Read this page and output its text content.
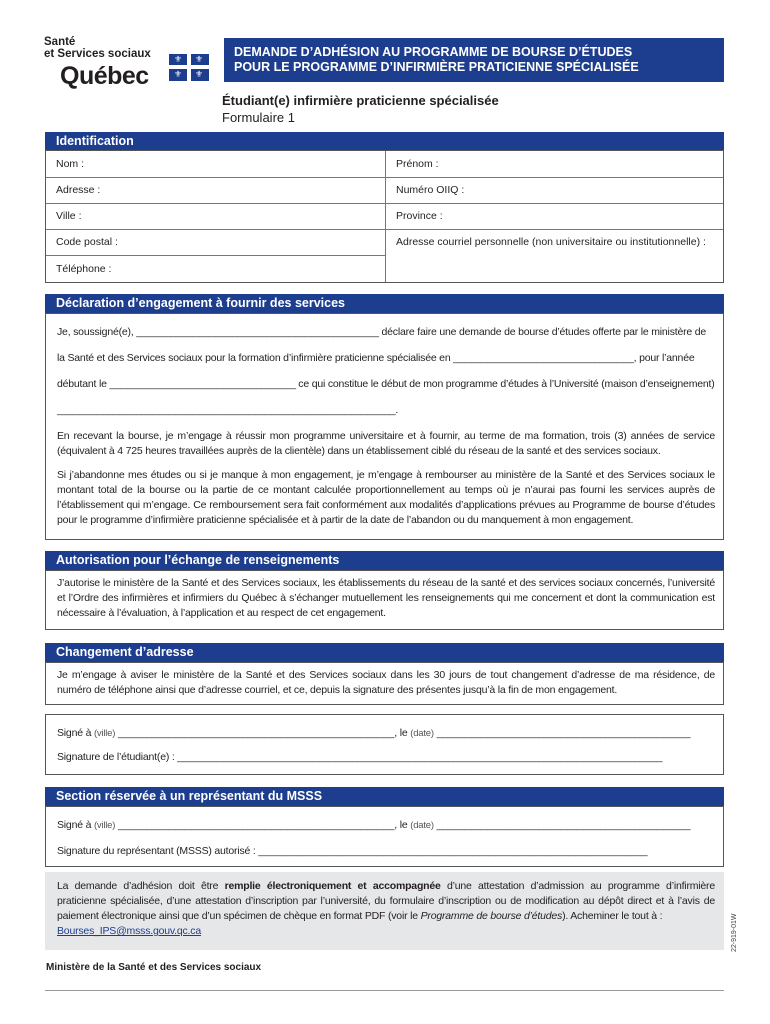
Santé
et Services sociaux
Québec
⚜ ⚜
⚜ ⚜
DEMANDE D’ADHÉSION AU PROGRAMME DE BOURSE D’ÉTUDES
POUR LE PROGRAMME D’INFIRMIÈRE PRATICIENNE SPÉCIALISÉE
Étudiant(e) infirmière praticienne spécialisée
Formulaire 1
Identification
Nom :	Prénom :
Adresse :	Numéro OIIQ :
Ville :	Province :
Code postal :	Adresse courriel personnelle (non universitaire ou institutionnelle) :
Téléphone :
Déclaration d’engagement à fournir des services
Je, soussigné(e), ___________________________________________ déclare faire une demande de bourse d’études offerte par le ministère de
la Santé et des Services sociaux pour la formation d’infirmière praticienne spécialisée en ________________________________, pour l’année
débutant le _________________________________ ce qui constitue le début de mon programme d’études à l’Université (maison d’enseignement)
____________________________________________________________.
En recevant la bourse, je m’engage à réussir mon programme universitaire et à fournir, au terme de ma formation, trois (3) années de service (équivalent à 4 725 heures travaillées auprès de la clientèle) dans un établissement ciblé du réseau de la santé et des services sociaux.
Si j’abandonne mes études ou si je manque à mon engagement, je m’engage à rembourser au ministère de la Santé et des Services sociaux le montant total de la bourse ou la partie de ce montant calculée proportionnellement au temps où je n’aurai pas fourni les services auprès de l’établissement qui m’engage. Ce remboursement sera fait conformément aux modalités d’applications prévues au Programme de bourse d’études pour le programme d’infirmière praticienne spécialisée et à partir de la date de l’abandon ou du manquement à mon engagement.
Autorisation pour l’échange de renseignements
J’autorise le ministère de la Santé et des Services sociaux, les établissements du réseau de la santé et des services sociaux concernés, l’université et l’Ordre des infirmières et infirmiers du Québec à s’échanger mutuellement les renseignements qui me concernent et dont la communication est nécessaire à l’évaluation, à l’application et au respect de cet engagement.
Changement d’adresse
Je m’engage à aviser le ministère de la Santé et des Services sociaux dans les 30 jours de tout changement d’adresse de ma résidence, de numéro de téléphone ainsi que d’adresse courriel, et ce, depuis la signature des présentes jusqu’à la fin de mon engagement.
Signé à (ville) _________________________________________________, le (date) _____________________________________________
Signature de l’étudiant(e) : ______________________________________________________________________________________
Section réservée à un représentant du MSSS
Signé à (ville) _________________________________________________, le (date) _____________________________________________
Signature du représentant (MSSS) autorisé : _____________________________________________________________________
La demande d’adhésion doit être remplie électroniquement et accompagnée d’une attestation d’admission au programme d’infirmière praticienne spécialisée, d’une attestation d’inscription par l’université, du formulaire d’inscription ou de modification au dépôt direct et à l’avis de paiement électronique ainsi que d’un spécimen de chèque en format PDF (voir le Programme de bourse d’études). Acheminer le tout à :
Bourses_IPS@msss.gouv.qc.ca	22-919-01W
Ministère de la Santé et des Services sociaux
